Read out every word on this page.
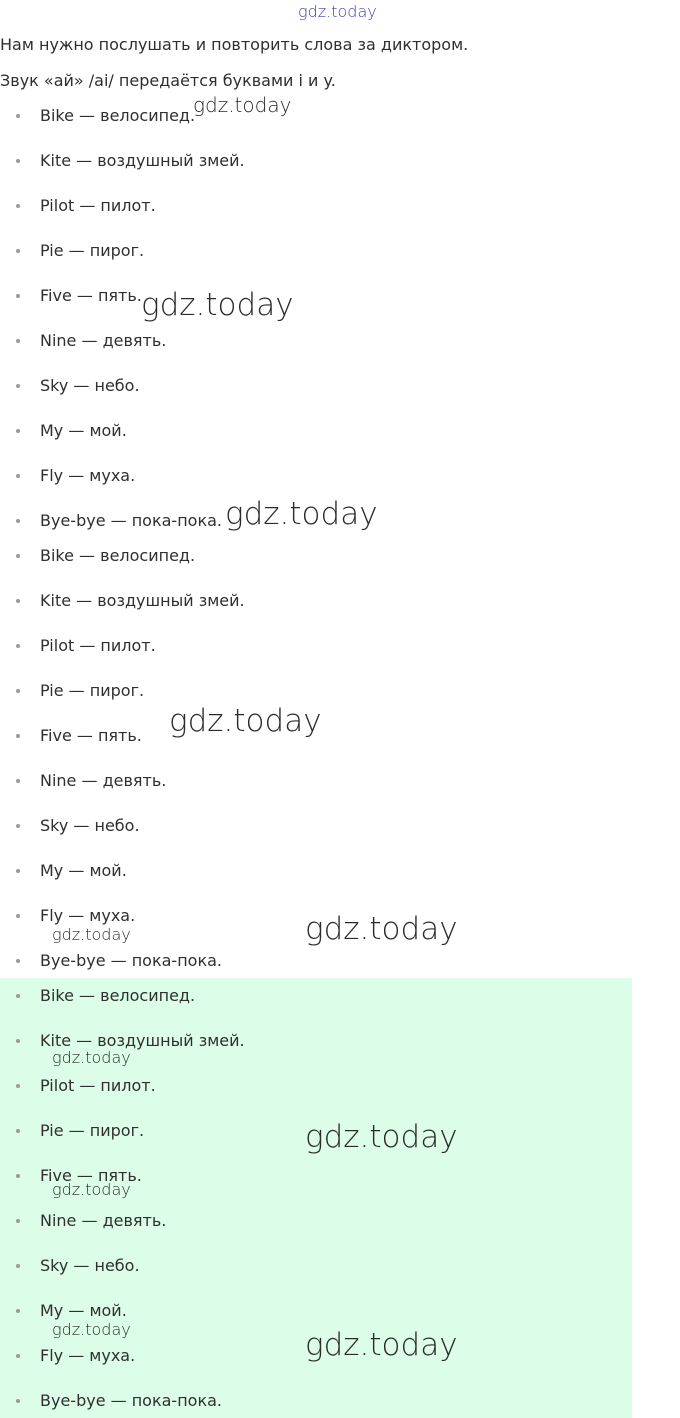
gdz.today
Нам нужно послушать и повторить слова за диктором.
Звук «ай» /ai/ передаётся буквами i и y.
Bike — велосипед.
Kite — воздушный змей.
Pilot — пилот.
Pie — пирог.
Five — пять.
Nine — девять.
Sky — небо.
My — мой.
Fly — муха.
Bye-bye — пока-пока.
Bike — велосипед.
Kite — воздушный змей.
Pilot — пилот.
Pie — пирог.
Five — пять.
Nine — девять.
Sky — небо.
My — мой.
Fly — муха.
Bye-bye — пока-пока.
Bike — велосипед.
Kite — воздушный змей.
Pilot — пилот.
Pie — пирог.
Five — пять.
Nine — девять.
Sky — небо.
My — мой.
Fly — муха.
Bye-bye — пока-пока.
gdz.today
gdz.today
gdz.today
gdz.today
gdz.today
gdz.today
gdz.today
gdz.today
gdz.today
gdz.today	gdz.today
